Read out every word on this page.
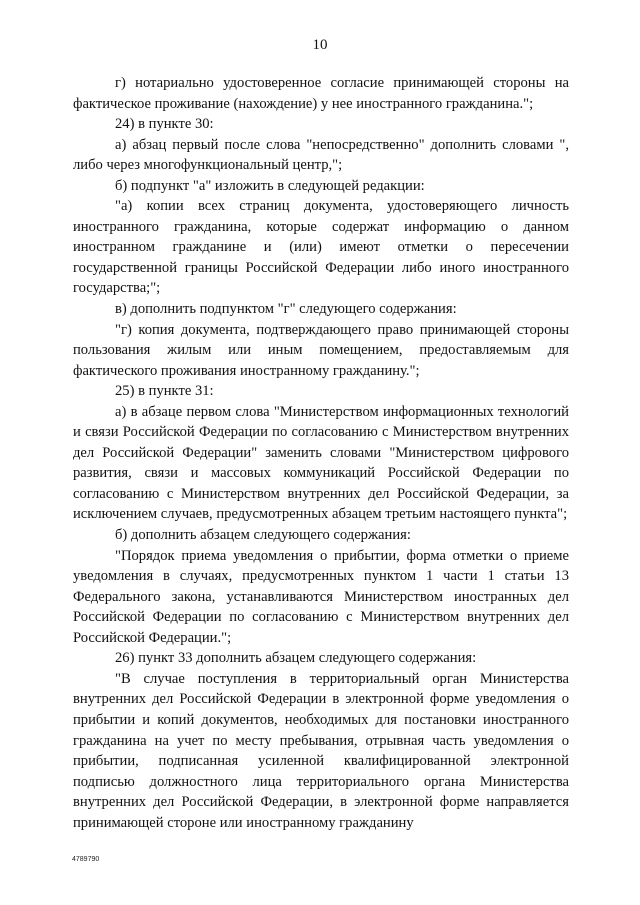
10

г) нотариально удостоверенное согласие принимающей стороны на фактическое проживание (нахождение) у нее иностранного гражданина.";

24) в пункте 30:

а) абзац первый после слова "непосредственно" дополнить словами ", либо через многофункциональный центр,";

б) подпункт "а" изложить в следующей редакции:

"а) копии всех страниц документа, удостоверяющего личность иностранного гражданина, которые содержат информацию о данном иностранном гражданине и (или) имеют отметки о пересечении государственной границы Российской Федерации либо иного иностранного государства;";

в) дополнить подпунктом "г" следующего содержания:

"г) копия документа, подтверждающего право принимающей стороны пользования жилым или иным помещением, предоставляемым для фактического проживания иностранному гражданину.";

25) в пункте 31:

а) в абзаце первом слова "Министерством информационных технологий и связи Российской Федерации по согласованию с Министерством внутренних дел Российской Федерации" заменить словами "Министерством цифрового развития, связи и массовых коммуникаций Российской Федерации по согласованию с Министерством внутренних дел Российской Федерации, за исключением случаев, предусмотренных абзацем третьим настоящего пункта";

б) дополнить абзацем следующего содержания:

"Порядок приема уведомления о прибытии, форма отметки о приеме уведомления в случаях, предусмотренных пунктом 1 части 1 статьи 13 Федерального закона, устанавливаются Министерством иностранных дел Российской Федерации по согласованию с Министерством внутренних дел Российской Федерации.";

26) пункт 33 дополнить абзацем следующего содержания:

"В случае поступления в территориальный орган Министерства внутренних дел Российской Федерации в электронной форме уведомления о прибытии и копий документов, необходимых для постановки иностранного гражданина на учет по месту пребывания, отрывная часть уведомления о прибытии, подписанная усиленной квалифицированной электронной подписью должностного лица территориального органа Министерства внутренних дел Российской Федерации, в электронной форме направляется принимающей стороне или иностранному гражданину

4789790
